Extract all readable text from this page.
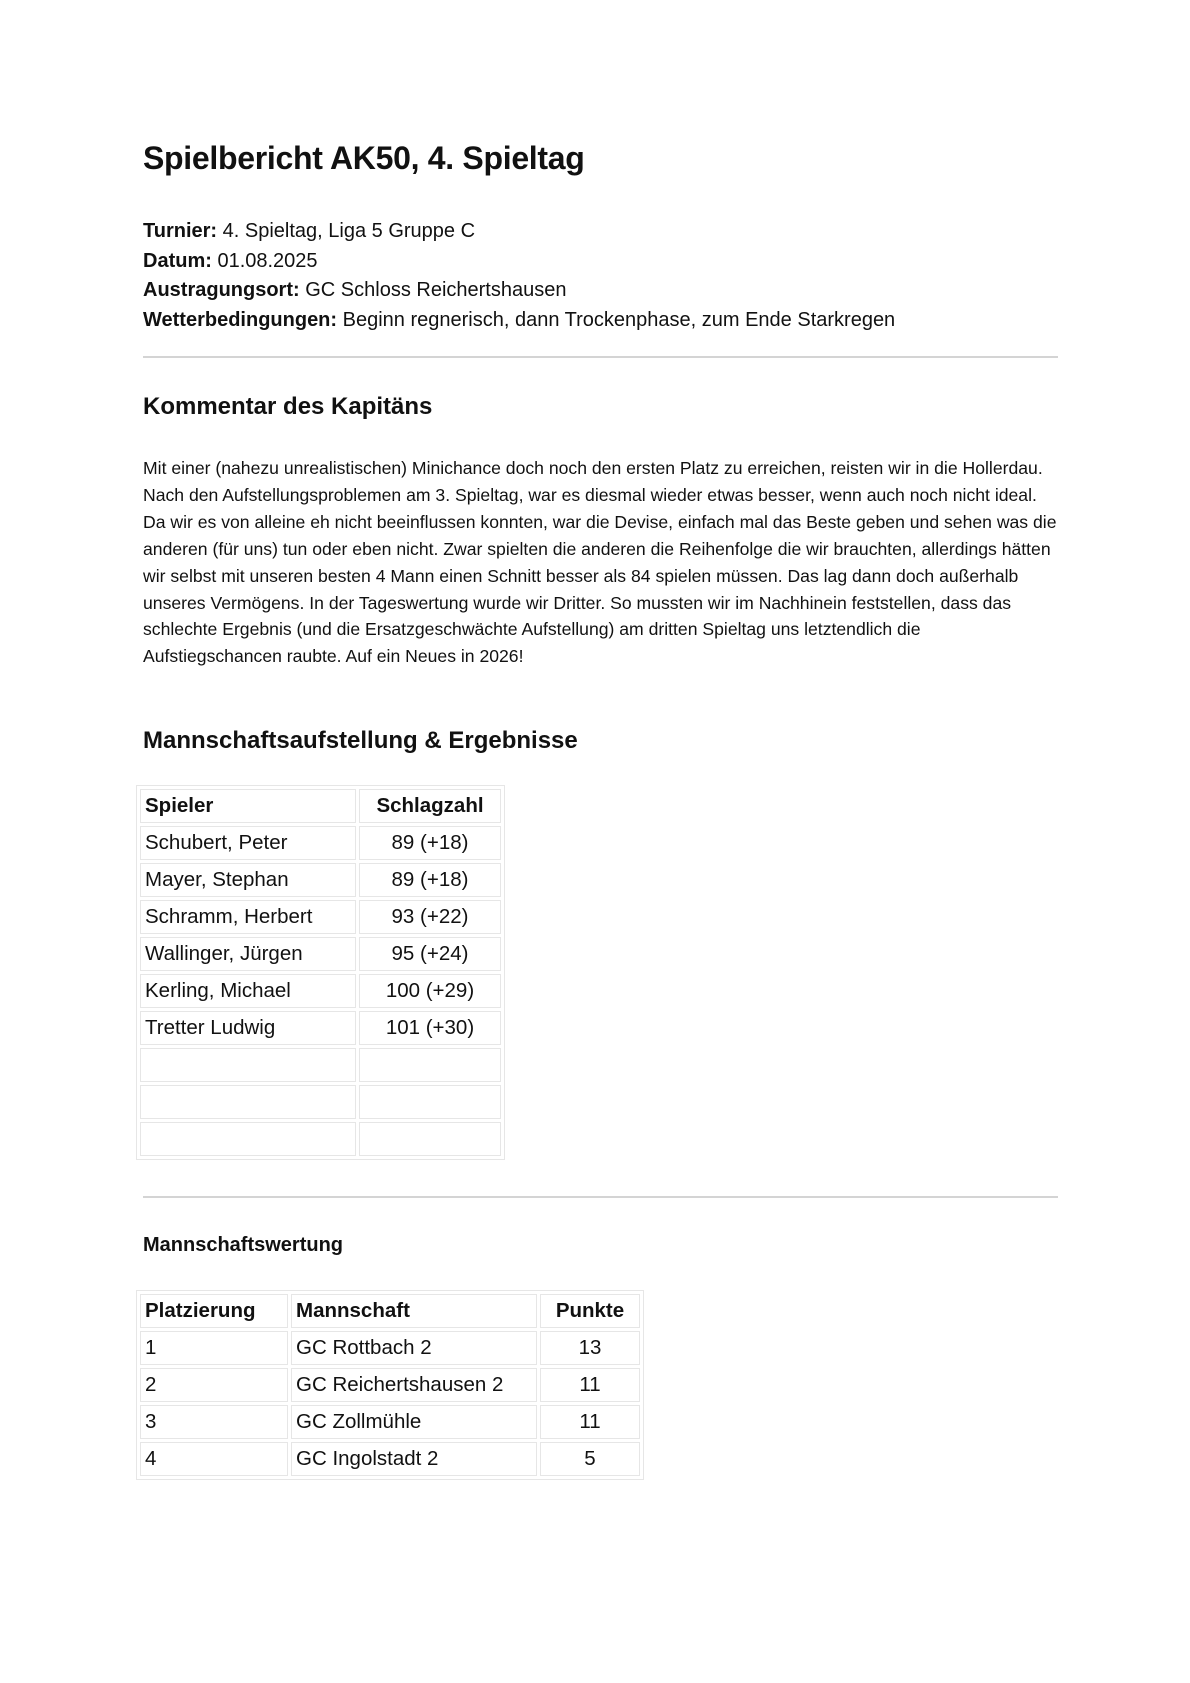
Spielbericht AK50, 4. Spieltag
Turnier: 4. Spieltag, Liga 5 Gruppe C
Datum: 01.08.2025
Austragungsort: GC Schloss Reichertshausen
Wetterbedingungen: Beginn regnerisch, dann Trockenphase, zum Ende Starkregen
Kommentar des Kapitäns

Mit einer (nahezu unrealistischen) Minichance doch noch den ersten Platz zu erreichen, reisten wir in die Hollerdau. Nach den Aufstellungsproblemen am 3. Spieltag, war es diesmal wieder etwas besser, wenn auch noch nicht ideal. Da wir es von alleine eh nicht beeinflussen konnten, war die Devise, einfach mal das Beste geben und sehen was die anderen (für uns) tun oder eben nicht. Zwar spielten die anderen die Reihenfolge die wir brauchten, allerdings hätten wir selbst mit unseren besten 4 Mann einen Schnitt besser als 84 spielen müssen. Das lag dann doch außerhalb unseres Vermögens. In der Tageswertung wurde wir Dritter. So mussten wir im Nachhinein feststellen, dass das schlechte Ergebnis (und die Ersatzgeschwächte Aufstellung) am dritten Spieltag uns letztendlich die Aufstiegschancen raubte. Auf ein Neues in 2026!

Mannschaftsaufstellung & Ergebnisse
Spieler	Schlagzahl
Schubert, Peter	89 (+18)
Mayer, Stephan	89 (+18)
Schramm, Herbert	93 (+22)
Wallinger, Jürgen	95 (+24)
Kerling, Michael	100 (+29)
Tretter Ludwig	101 (+30)

Mannschaftswertung
Platzierung	Mannschaft	Punkte
1	GC Rottbach 2	13
2	GC Reichertshausen 2	11
3	GC Zollmühle	11
4	GC Ingolstadt 2	5
